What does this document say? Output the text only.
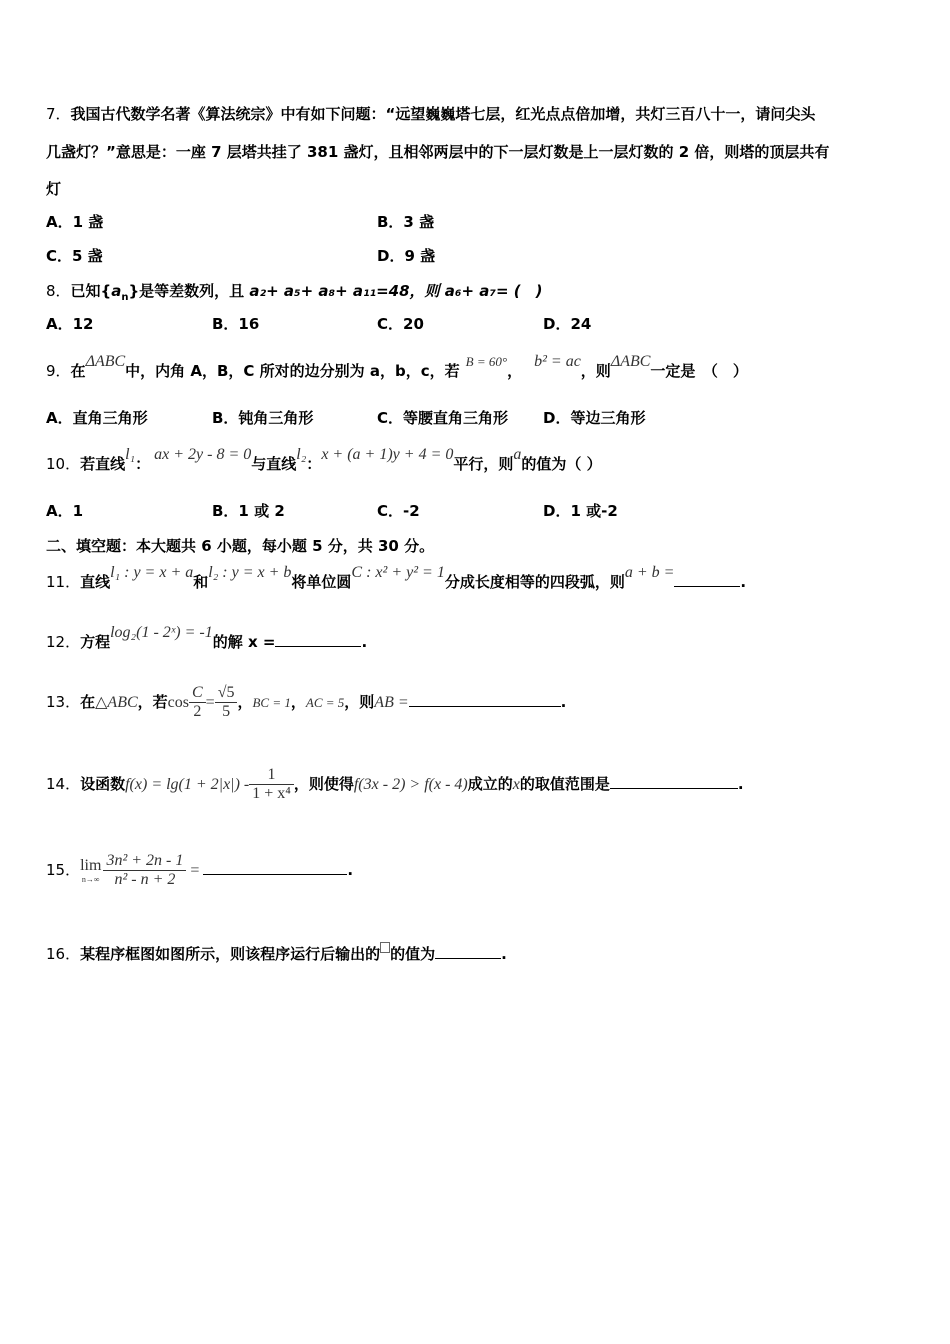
7．我国古代数学名著《算法统宗》中有如下问题：“远望巍巍塔七层，红光点点倍加增，共灯三百八十一，请问尖头
几盏灯？”意思是：一座 7 层塔共挂了 381 盏灯，且相邻两层中的下一层灯数是上一层灯数的 2 倍，则塔的顶层共有
灯
A．1 盏	B．3 盏
C．5 盏	D．9 盏
8．已知$\{a_n\}$是等差数列，且 a₂+ a₅+ a₈+ a₁₁=48，则 a₆+ a₇= (　)
A．12	B．16	C．20	D．24
9．在ΔABC中，内角 A，B，C 所对的边分别为 a，b，c，若B = 60°，b² = ac，则ΔABC一定是　（　）
A．直角三角形	B．钝角三角形	C．等腰直角三角形 D．等边三角形
10．若直线l₁：ax + 2y - 8 = 0与直线l₂：x + (a + 1)y + 4 = 0平行，则a的值为（ ）
A．1	B．1 或 2	C．-2	D．1 或-2
二、填空题：本大题共 6 小题，每小题 5 分，共 30 分。
11．直线l₁ : y = x + a和l₂ : y = x + b将单位圆C : x² + y² = 1分成长度相等的四段弧，则a + b =.
12．方程log₂(1 - 2ˣ) = -1的解 x =	.
13．在△ABC，若$\cos \frac{C}{2} = \frac{√5}{5}$ ，BC = 1，AC = 5，则AB =	.
14．设函数$f(x) = \lg(1 + 2|x|) - \frac{1}{\text{1 + x⁴}}$ ，则使得f(3x - 2) > f(x - 4)成立的x的取值范围是	.
15． lim
$n\to\infty \frac{\text{3n² + 2n - 1}}{\text{n² - n + 2}}$ =	.
16．某程序框图如图所示，则该程序运行后输出的 的值为	.
